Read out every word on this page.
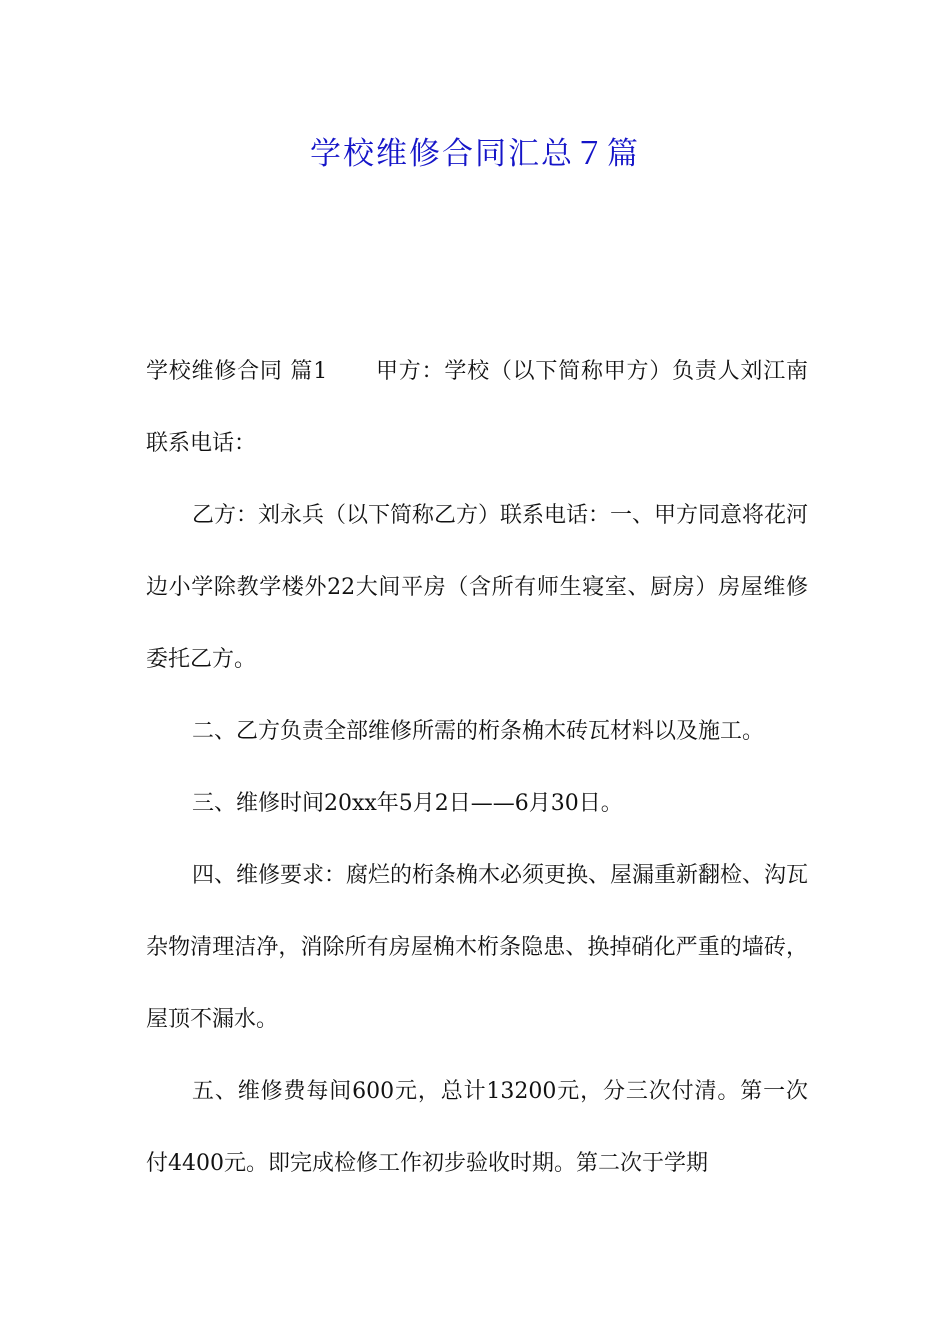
学校维修合同汇总７篇

学校维修合同 篇1 甲方：学校（以下简称甲方）负责人刘江南联系电话：

乙方：刘永兵（以下简称乙方）联系电话：一、甲方同意将花河边小学除教学楼外22大间平房（含所有师生寝室、厨房）房屋维修委托乙方。

二、乙方负责全部维修所需的桁条桷木砖瓦材料以及施工。

三、维修时间20xx年5月2日——6月30日。

四、维修要求：腐烂的桁条桷木必须更换、屋漏重新翻检、沟瓦杂物清理洁净，消除所有房屋桷木桁条隐患、换掉硝化严重的墙砖，屋顶不漏水。

五、维修费每间600元，总计13200元，分三次付清。第一次付4400元。即完成检修工作初步验收时期。第二次于学期
